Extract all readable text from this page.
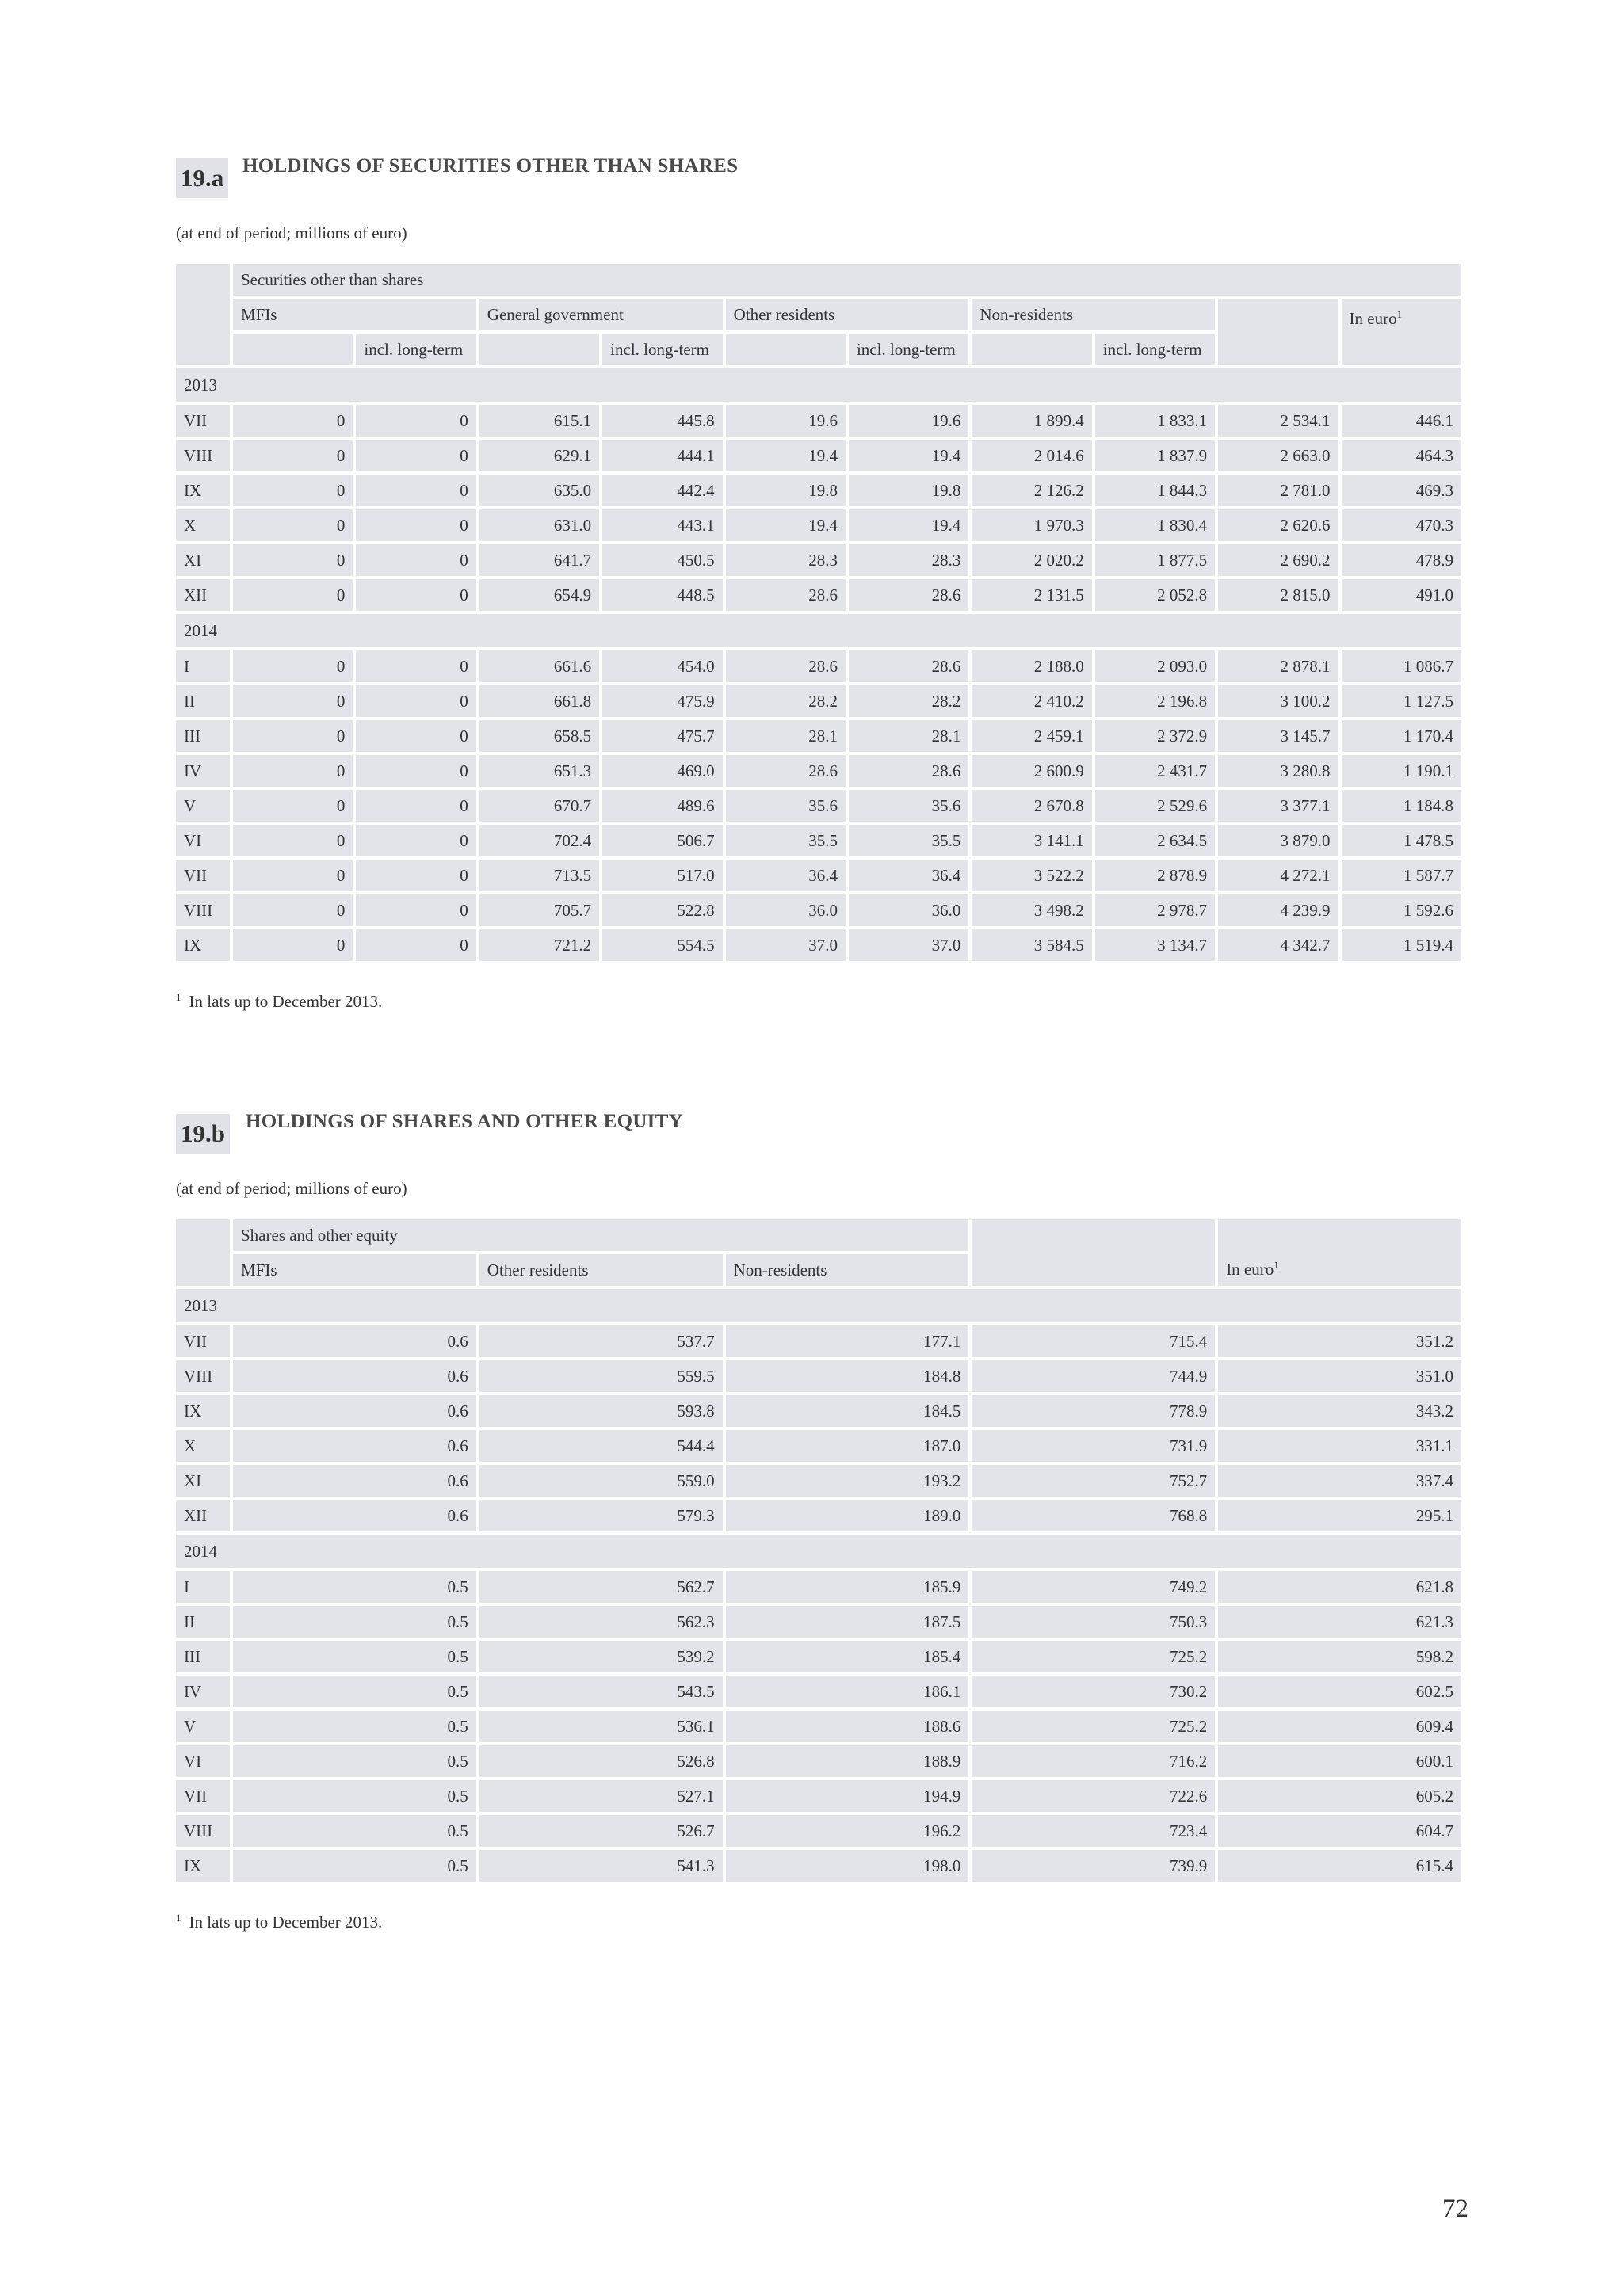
19.a HOLDINGS OF SECURITIES OTHER THAN SHARES
(at end of period; millions of euro)
	Securities other than shares									
	MFIs		General government		Other residents		Non-residents			In euro$^1$
		incl. long-term		incl. long-term		incl. long-term		incl. long-term		
2013										
VII	0	0	615.1	445.8	19.6	19.6	1 899.4	1 833.1	2 534.1	446.1
VIII	0	0	629.1	444.1	19.4	19.4	2 014.6	1 837.9	2 663.0	464.3
IX	0	0	635.0	442.4	19.8	19.8	2 126.2	1 844.3	2 781.0	469.3
X	0	0	631.0	443.1	19.4	19.4	1 970.3	1 830.4	2 620.6	470.3
XI	0	0	641.7	450.5	28.3	28.3	2 020.2	1 877.5	2 690.2	478.9
XII	0	0	654.9	448.5	28.6	28.6	2 131.5	2 052.8	2 815.0	491.0
2014										
I	0	0	661.6	454.0	28.6	28.6	2 188.0	2 093.0	2 878.1	1 086.7
II	0	0	661.8	475.9	28.2	28.2	2 410.2	2 196.8	3 100.2	1 127.5
III	0	0	658.5	475.7	28.1	28.1	2 459.1	2 372.9	3 145.7	1 170.4
IV	0	0	651.3	469.0	28.6	28.6	2 600.9	2 431.7	3 280.8	1 190.1
V	0	0	670.7	489.6	35.6	35.6	2 670.8	2 529.6	3 377.1	1 184.8
VI	0	0	702.4	506.7	35.5	35.5	3 141.1	2 634.5	3 879.0	1 478.5
VII	0	0	713.5	517.0	36.4	36.4	3 522.2	2 878.9	4 272.1	1 587.7
VIII	0	0	705.7	522.8	36.0	36.0	3 498.2	2 978.7	4 239.9	1 592.6
IX	0	0	721.2	554.5	37.0	37.0	3 584.5	3 134.7	4 342.7	1 519.4
$^1$ In lats up to December 2013.
19.b HOLDINGS OF SHARES AND OTHER EQUITY
(at end of period; millions of euro)
	Shares and other equity				In euro$^1$
	MFIs	Other residents	Non-residents		
2013					
VII	0.6	537.7	177.1	715.4	351.2
VIII	0.6	559.5	184.8	744.9	351.0
IX	0.6	593.8	184.5	778.9	343.2
X	0.6	544.4	187.0	731.9	331.1
XI	0.6	559.0	193.2	752.7	337.4
XII	0.6	579.3	189.0	768.8	295.1
2014					
I	0.5	562.7	185.9	749.2	621.8
II	0.5	562.3	187.5	750.3	621.3
III	0.5	539.2	185.4	725.2	598.2
IV	0.5	543.5	186.1	730.2	602.5
V	0.5	536.1	188.6	725.2	609.4
VI	0.5	526.8	188.9	716.2	600.1
VII	0.5	527.1	194.9	722.6	605.2
VIII	0.5	526.7	196.2	723.4	604.7
IX	0.5	541.3	198.0	739.9	615.4
$^1$ In lats up to December 2013.
72
